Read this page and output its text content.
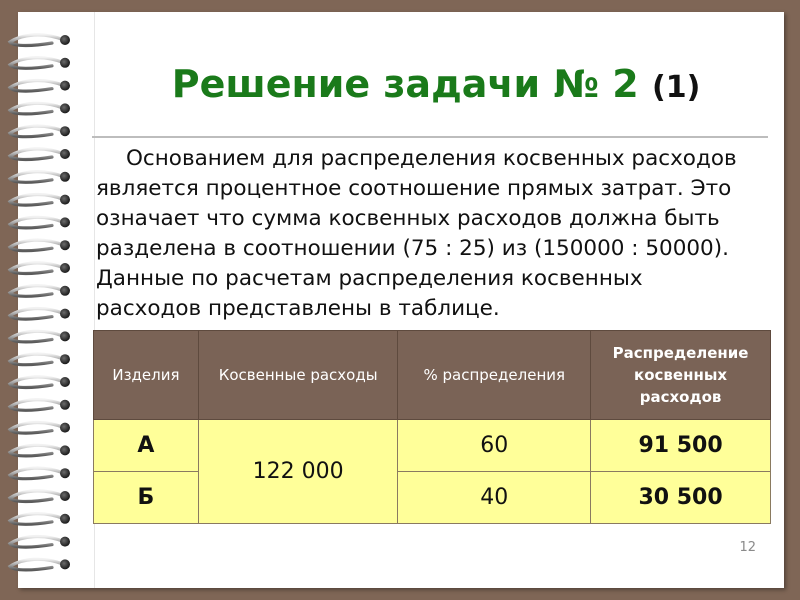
Решение задачи № 2 (1)
Основанием для распределения косвенных расходов
является процентное соотношение прямых затрат. Это
означает что сумма косвенных расходов должна быть
разделена в соотношении (75 : 25) из (150000 : 50000).
Данные по расчетам распределения косвенных
расходов представлены в таблице.
Изделия	Косвенные расходы	% распределения	Распределение косвенных расходов
А	122 000	60	91 500
Б		40	30 500
12
